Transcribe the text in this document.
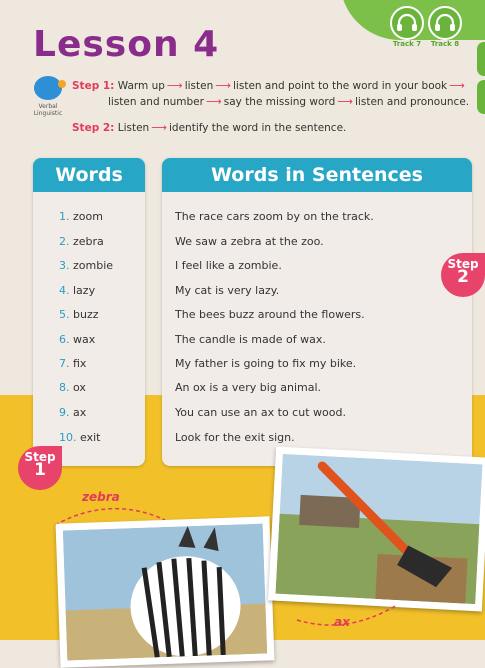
Track 7	Track 8
Lesson 4
Verbal Linguistic
Step 1: Warm up ⟶ listen ⟶ listen and point to the word in your book ⟶
listen and number ⟶ say the missing word ⟶ listen and pronounce.
Step 2: Listen ⟶ identify the word in the sentence.
Words
1. zoom
2. zebra
3. zombie
4. lazy
5. buzz
6. wax
7. fix
8. ox
9. ax
10. exit
Words in Sentences
The race cars zoom by on the track.
We saw a zebra at the zoo.
I feel like a zombie.
My cat is very lazy.
The bees buzz around the flowers.
The candle is made of wax.
My father is going to fix my bike.
An ox is a very big animal.
You can use an ax to cut wood.
Look for the exit sign.
Step
2
Step
1
zebra
ax
